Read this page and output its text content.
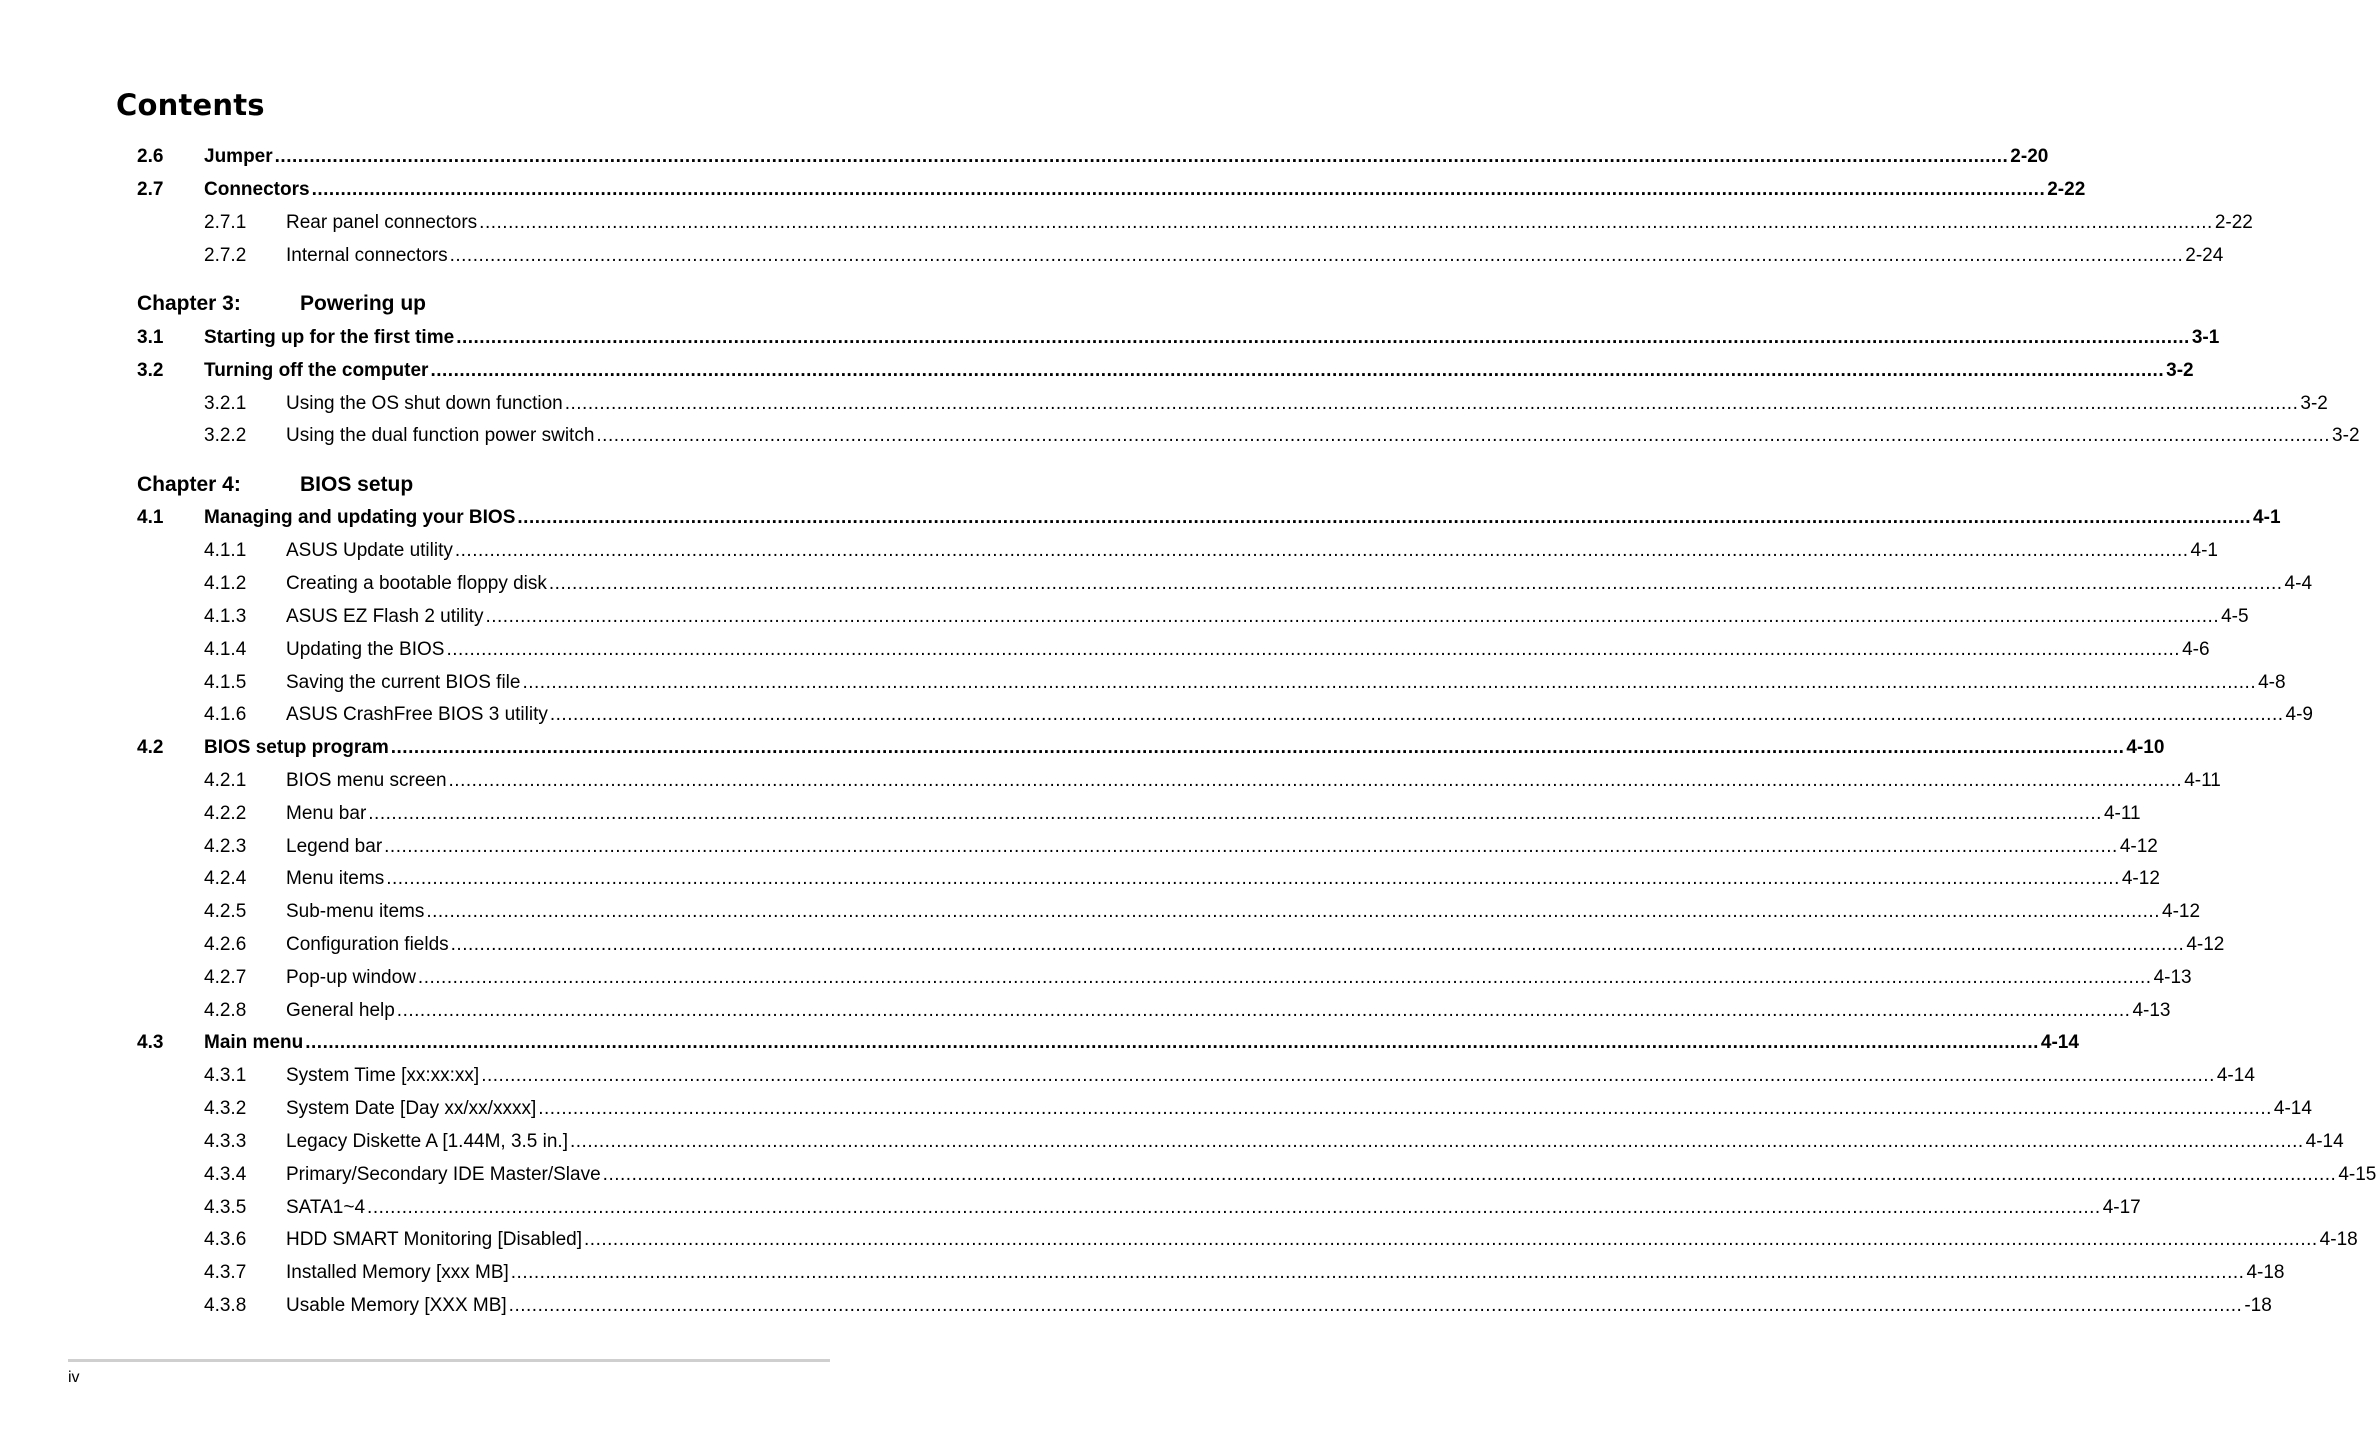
Contents
Chapter 3:	Powering up
Chapter 4:	BIOS setup
2.6 Jumper ............................................................................................................................................................................................................................................................................................................ 2-20
2.7 Connectors ............................................................................................................................................................................................................................................................................................................ 2-22
2.7.1 Rear panel connectors ............................................................................................................................................................................................................................................................................................................ 2-22
2.7.2 Internal connectors ............................................................................................................................................................................................................................................................................................................ 2-24
3.1 Starting up for the first time ............................................................................................................................................................................................................................................................................................................ 3-1
3.2 Turning off the computer ............................................................................................................................................................................................................................................................................................................ 3-2
3.2.1 Using the OS shut down function ............................................................................................................................................................................................................................................................................................................ 3-2
3.2.2 Using the dual function power switch ............................................................................................................................................................................................................................................................................................................ 3-2
4.1 Managing and updating your BIOS ............................................................................................................................................................................................................................................................................................................ 4-1
4.1.1 ASUS Update utility ............................................................................................................................................................................................................................................................................................................ 4-1
4.1.2 Creating a bootable floppy disk ............................................................................................................................................................................................................................................................................................................ 4-4
4.1.3 ASUS EZ Flash 2 utility ............................................................................................................................................................................................................................................................................................................ 4-5
4.1.4 Updating the BIOS ............................................................................................................................................................................................................................................................................................................ 4-6
4.1.5 Saving the current BIOS file ............................................................................................................................................................................................................................................................................................................ 4-8
4.1.6 ASUS CrashFree BIOS 3 utility ............................................................................................................................................................................................................................................................................................................ 4-9
4.2 BIOS setup program ............................................................................................................................................................................................................................................................................................................ 4-10
4.2.1 BIOS menu screen ............................................................................................................................................................................................................................................................................................................ 4-11
4.2.2 Menu bar ............................................................................................................................................................................................................................................................................................................ 4-11
4.2.3 Legend bar ............................................................................................................................................................................................................................................................................................................ 4-12
4.2.4 Menu items ............................................................................................................................................................................................................................................................................................................ 4-12
4.2.5 Sub-menu items ............................................................................................................................................................................................................................................................................................................ 4-12
4.2.6 Configuration fields ............................................................................................................................................................................................................................................................................................................ 4-12
4.2.7 Pop-up window ............................................................................................................................................................................................................................................................................................................ 4-13
4.2.8 General help ............................................................................................................................................................................................................................................................................................................ 4-13
4.3 Main menu ............................................................................................................................................................................................................................................................................................................ 4-14
4.3.1 System Time [xx:xx:xx] ............................................................................................................................................................................................................................................................................................................ 4-14
4.3.2 System Date [Day xx/xx/xxxx] ............................................................................................................................................................................................................................................................................................................ 4-14
4.3.3 Legacy Diskette A [1.44M, 3.5 in.] ............................................................................................................................................................................................................................................................................................................ 4-14
4.3.4 Primary/Secondary IDE Master/Slave ............................................................................................................................................................................................................................................................................................................ 4-15
4.3.5 SATA1~4 ............................................................................................................................................................................................................................................................................................................ 4-17
4.3.6 HDD SMART Monitoring [Disabled] ............................................................................................................................................................................................................................................................................................................ 4-18
4.3.7 Installed Memory [xxx MB] ............................................................................................................................................................................................................................................................................................................ 4-18
4.3.8 Usable Memory [XXX MB] ............................................................................................................................................................................................................................................................................................................ -18
iv
